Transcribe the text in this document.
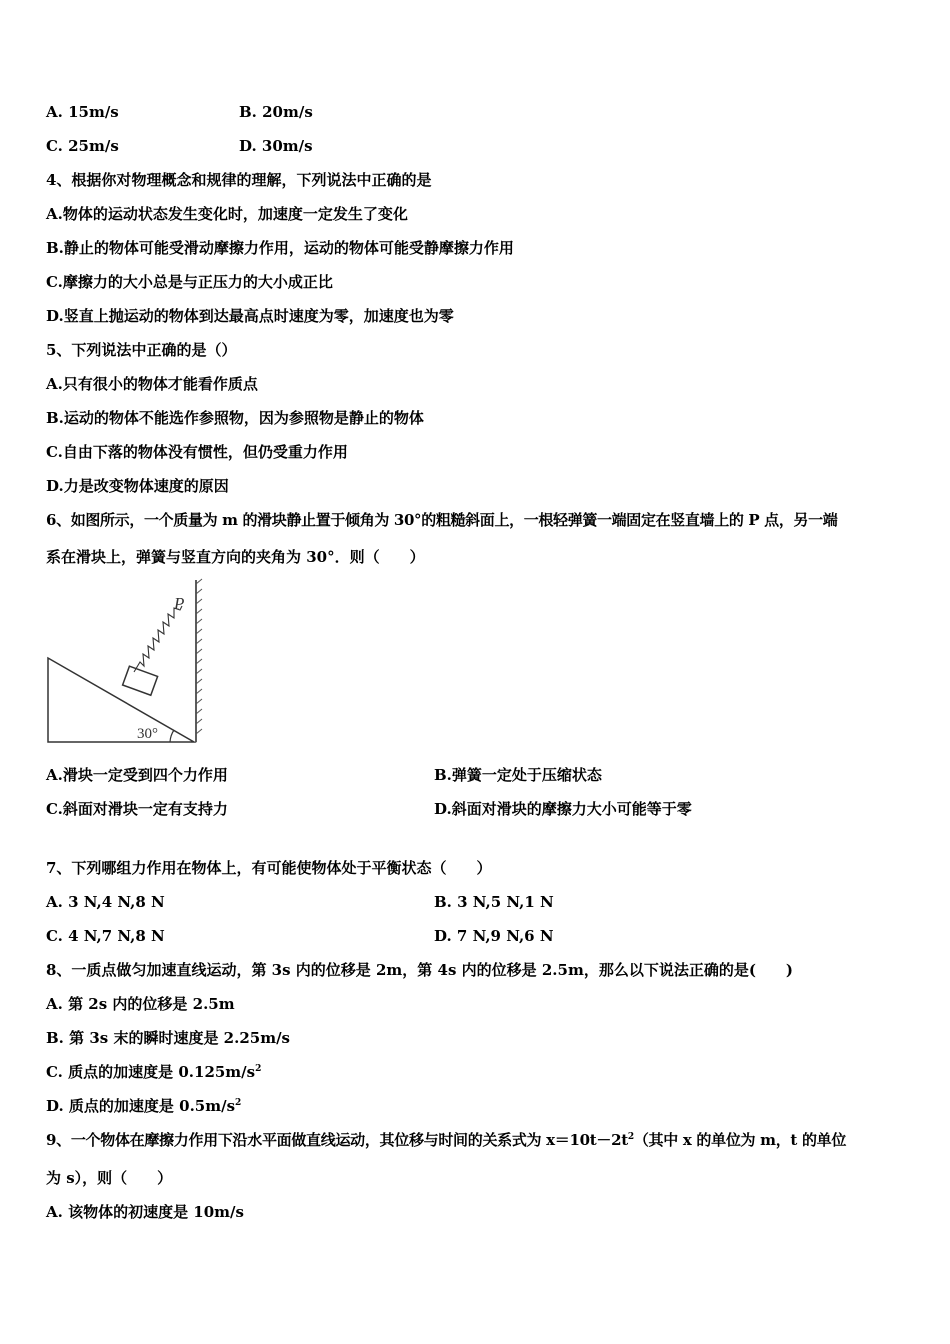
A. 15m/s	B. 20m/s
C. 25m/s	D. 30m/s
4、根据你对物理概念和规律的理解，下列说法中正确的是
A.物体的运动状态发生变化时，加速度一定发生了变化
B.静止的物体可能受滑动摩擦力作用，运动的物体可能受静摩擦力作用
C.摩擦力的大小总是与正压力的大小成正比
D.竖直上抛运动的物体到达最高点时速度为零，加速度也为零
5、下列说法中正确的是（）
A.只有很小的物体才能看作质点
B.运动的物体不能选作参照物，因为参照物是静止的物体
C.自由下落的物体没有惯性，但仍受重力作用
D.力是改变物体速度的原因
6、如图所示，一个质量为 m 的滑块静止置于倾角为 30°的粗糙斜面上，一根轻弹簧一端固定在竖直墙上的 P 点，另一端
系在滑块上，弹簧与竖直方向的夹角为 30°．则（　　）
P
30°
A.滑块一定受到四个力作用	B.弹簧一定处于压缩状态
C.斜面对滑块一定有支持力	D.斜面对滑块的摩擦力大小可能等于零
7、下列哪组力作用在物体上，有可能使物体处于平衡状态（　　）
A. 3 N,4 N,8 N	B. 3 N,5 N,1 N
C. 4 N,7 N,8 N	D. 7 N,9 N,6 N
8、一质点做匀加速直线运动，第 3s 内的位移是 2m，第 4s 内的位移是 2.5m，那么以下说法正确的是(　　)
A. 第 2s 内的位移是 2.5m
B. 第 3s 末的瞬时速度是 2.25m/s
C. 质点的加速度是 $0.125m/s^2$
D. 质点的加速度是 $0.5m/s^2$
9、一个物体在摩擦力作用下沿水平面做直线运动，其位移与时间的关系式为 $x=10t-2t^2$（其中 x 的单位为 m，t 的单位
为 s），则（　　）
A. 该物体的初速度是 10m/s
